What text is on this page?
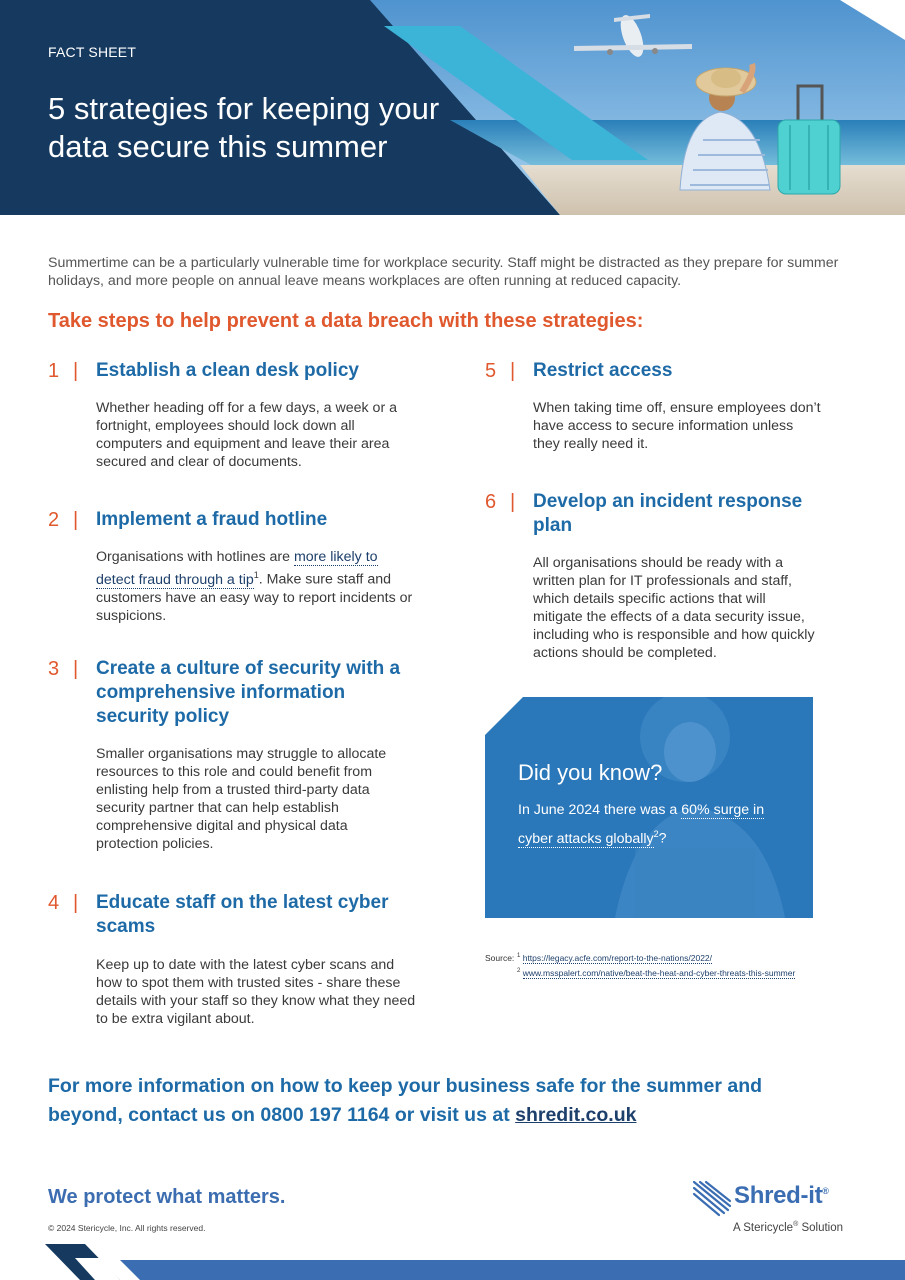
FACT SHEET
5 strategies for keeping your data secure this summer

Summertime can be a particularly vulnerable time for workplace security. Staff might be distracted as they prepare for summer holidays, and more people on annual leave means workplaces are often running at reduced capacity.

Take steps to help prevent a data breach with these strategies:
1 | Establish a clean desk policy

Whether heading off for a few days, a week or a fortnight, employees should lock down all computers and equipment and leave their area secured and clear of documents.

2 | Implement a fraud hotline

Organisations with hotlines are more likely to detect fraud through a tip$^1$. Make sure staff and customers have an easy way to report incidents or suspicions.

3 | Create a culture of security with a comprehensive information security policy

Smaller organisations may struggle to allocate resources to this role and could benefit from enlisting help from a trusted third-party data security partner that can help establish comprehensive digital and physical data protection policies.

4 | Educate staff on the latest cyber scams

Keep up to date with the latest cyber scans and how to spot them with trusted sites - share these details with your staff so they know what they need to be extra vigilant about.

5 | Restrict access

When taking time off, ensure employees don’t have access to secure information unless they really need it.

6 | Develop an incident response plan

All organisations should be ready with a written plan for IT professionals and staff, which details specific actions that will mitigate the effects of a data security issue, including who is responsible and how quickly actions should be completed.

Did you know?

In June 2024 there was a 60% surge in cyber attacks globally$^2$?

Source: $^1$ https://legacy.acfe.com/report-to-the-nations/2022/
$^2$ www.msspalert.com/native/beat-the-heat-and-cyber-threats-this-summer

For more information on how to keep your business safe for the summer and beyond, contact us on 0800 197 1164 or visit us at shredit.co.uk

We protect what matters.
© 2024 Stericycle, Inc. All rights reserved.
Shred-it®
A Stericycle® Solution
